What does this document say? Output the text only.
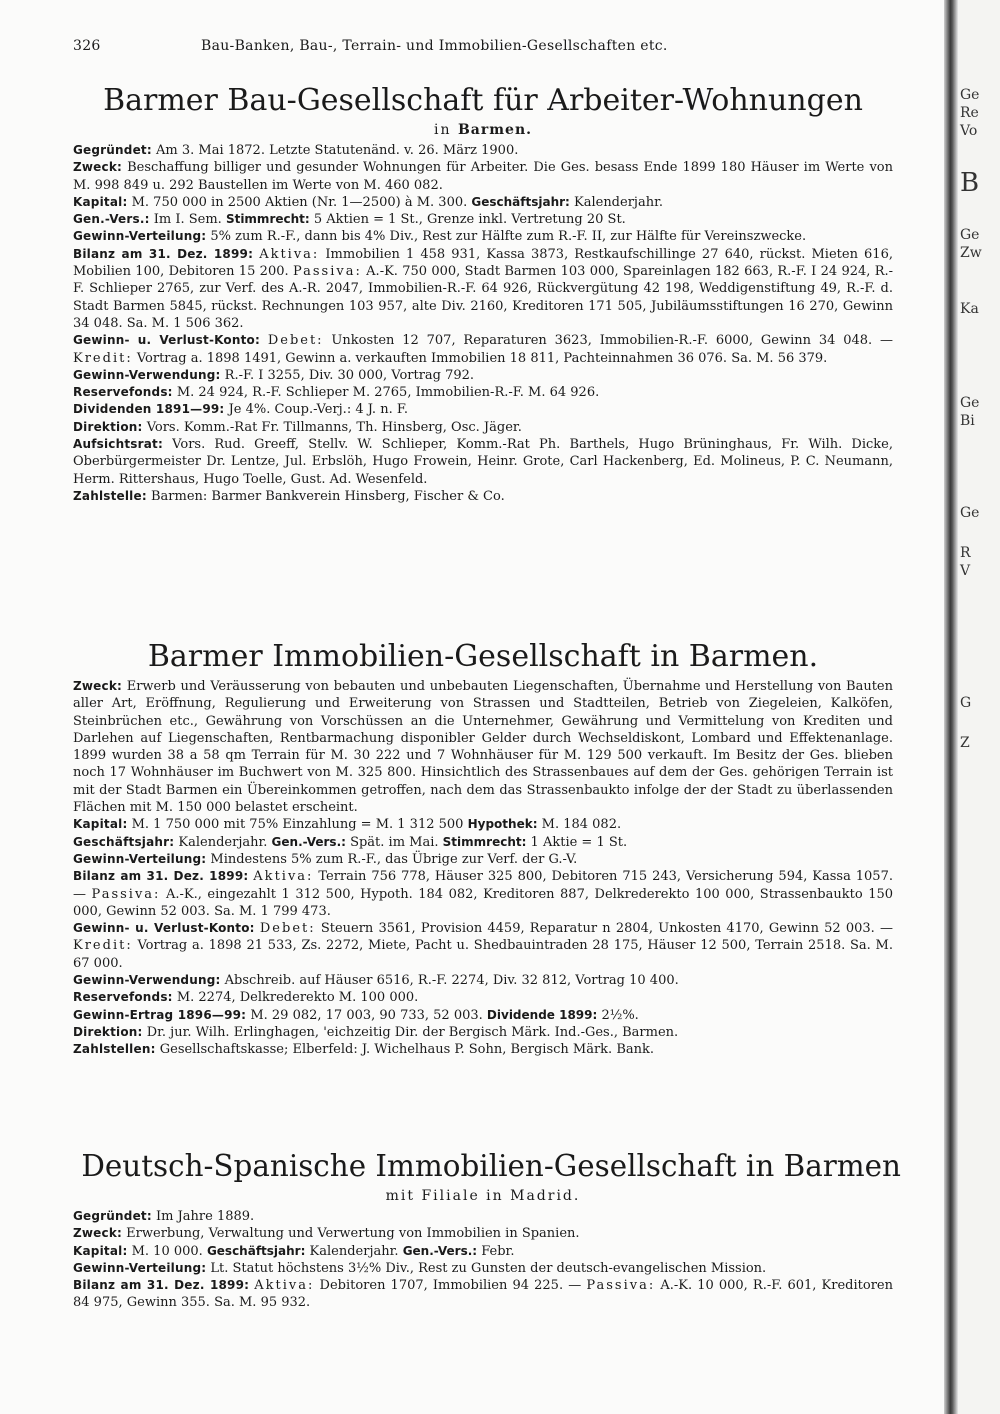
326	Bau-Banken, Bau-, Terrain- und Immobilien-Gesellschaften etc.
Barmer Bau-Gesellschaft für Arbeiter-Wohnungen
in Barmen.

Gegründet: Am 3. Mai 1872. Letzte Statutenänd. v. 26. März 1900.

Zweck: Beschaffung billiger und gesunder Wohnungen für Arbeiter. Die Ges. besass Ende 1899 180 Häuser im Werte von M. 998 849 u. 292 Baustellen im Werte von M. 460 082.

Kapital: M. 750 000 in 2500 Aktien (Nr. 1—2500) à M. 300. Geschäftsjahr: Kalenderjahr.

Gen.-Vers.: Im I. Sem. Stimmrecht: 5 Aktien = 1 St., Grenze inkl. Vertretung 20 St.

Gewinn-Verteilung: 5% zum R.-F., dann bis 4% Div., Rest zur Hälfte zum R.-F. II, zur Hälfte für Vereinszwecke.

Bilanz am 31. Dez. 1899: Aktiva: Immobilien 1 458 931, Kassa 3873, Restkaufschillinge 27 640, rückst. Mieten 616, Mobilien 100, Debitoren 15 200. Passiva: A.-K. 750 000, Stadt Barmen 103 000, Spareinlagen 182 663, R.-F. I 24 924, R.-F. Schlieper 2765, zur Verf. des A.-R. 2047, Immobilien-R.-F. 64 926, Rückvergütung 42 198, Weddigenstiftung 49, R.-F. d. Stadt Barmen 5845, rückst. Rechnungen 103 957, alte Div. 2160, Kreditoren 171 505, Jubiläumsstiftungen 16 270, Gewinn 34 048. Sa. M. 1 506 362.

Gewinn- u. Verlust-Konto: Debet: Unkosten 12 707, Reparaturen 3623, Immobilien-R.-F. 6000, Gewinn 34 048. — Kredit: Vortrag a. 1898 1491, Gewinn a. verkauften Immobilien 18 811, Pachteinnahmen 36 076. Sa. M. 56 379.

Gewinn-Verwendung: R.-F. I 3255, Div. 30 000, Vortrag 792.

Reservefonds: M. 24 924, R.-F. Schlieper M. 2765, Immobilien-R.-F. M. 64 926.

Dividenden 1891—99: Je 4%. Coup.-Verj.: 4 J. n. F.

Direktion: Vors. Komm.-Rat Fr. Tillmanns, Th. Hinsberg, Osc. Jäger.

Aufsichtsrat: Vors. Rud. Greeff, Stellv. W. Schlieper, Komm.-Rat Ph. Barthels, Hugo Brüninghaus, Fr. Wilh. Dicke, Oberbürgermeister Dr. Lentze, Jul. Erbslöh, Hugo Frowein, Heinr. Grote, Carl Hackenberg, Ed. Molineus, P. C. Neumann, Herm. Rittershaus, Hugo Toelle, Gust. Ad. Wesenfeld.

Zahlstelle: Barmen: Barmer Bankverein Hinsberg, Fischer & Co.

Barmer Immobilien-Gesellschaft in Barmen.

Zweck: Erwerb und Veräusserung von bebauten und unbebauten Liegenschaften, Übernahme und Herstellung von Bauten aller Art, Eröffnung, Regulierung und Erweiterung von Strassen und Stadtteilen, Betrieb von Ziegeleien, Kalköfen, Steinbrüchen etc., Gewährung von Vorschüssen an die Unternehmer, Gewährung und Vermittelung von Krediten und Darlehen auf Liegenschaften, Rentbarmachung disponibler Gelder durch Wechseldiskont, Lombard und Effektenanlage. 1899 wurden 38 a 58 qm Terrain für M. 30 222 und 7 Wohnhäuser für M. 129 500 verkauft. Im Besitz der Ges. blieben noch 17 Wohnhäuser im Buchwert von M. 325 800. Hinsichtlich des Strassenbaues auf dem der Ges. gehörigen Terrain ist mit der Stadt Barmen ein Übereinkommen getroffen, nach dem das Strassenbaukto infolge der der Stadt zu überlassenden Flächen mit M. 150 000 belastet erscheint.

Kapital: M. 1 750 000 mit 75% Einzahlung = M. 1 312 500 Hypothek: M. 184 082.

Geschäftsjahr: Kalenderjahr. Gen.-Vers.: Spät. im Mai. Stimmrecht: 1 Aktie = 1 St.

Gewinn-Verteilung: Mindestens 5% zum R.-F., das Übrige zur Verf. der G.-V.

Bilanz am 31. Dez. 1899: Aktiva: Terrain 756 778, Häuser 325 800, Debitoren 715 243, Versicherung 594, Kassa 1057. — Passiva: A.-K., eingezahlt 1 312 500, Hypoth. 184 082, Kreditoren 887, Delkrederekto 100 000, Strassenbaukto 150 000, Gewinn 52 003. Sa. M. 1 799 473.

Gewinn- u. Verlust-Konto: Debet: Steuern 3561, Provision 4459, Reparatur n 2804, Unkosten 4170, Gewinn 52 003. — Kredit: Vortrag a. 1898 21 533, Zs. 2272, Miete, Pacht u. Shedbauintraden 28 175, Häuser 12 500, Terrain 2518. Sa. M. 67 000.

Gewinn-Verwendung: Abschreib. auf Häuser 6516, R.-F. 2274, Div. 32 812, Vortrag 10 400.

Reservefonds: M. 2274, Delkrederekto M. 100 000.

Gewinn-Ertrag 1896—99: M. 29 082, 17 003, 90 733, 52 003. Dividende 1899: 2½%.

Direktion: Dr. jur. Wilh. Erlinghagen, 'eichzeitig Dir. der Bergisch Märk. Ind.-Ges., Barmen.

Zahlstellen: Gesellschaftskasse; Elberfeld: J. Wichelhaus P. Sohn, Bergisch Märk. Bank.

Deutsch-Spanische Immobilien-Gesellschaft in Barmen
mit Filiale in Madrid.

Gegründet: Im Jahre 1889.

Zweck: Erwerbung, Verwaltung und Verwertung von Immobilien in Spanien.

Kapital: M. 10 000. Geschäftsjahr: Kalenderjahr. Gen.-Vers.: Febr.

Gewinn-Verteilung: Lt. Statut höchstens 3½% Div., Rest zu Gunsten der deutsch-evangelischen Mission.

Bilanz am 31. Dez. 1899: Aktiva: Debitoren 1707, Immobilien 94 225. — Passiva: A.-K. 10 000, R.-F. 601, Kreditoren 84 975, Gewinn 355. Sa. M. 95 932.

Ge
Re
Vo
B
Ge
Zw
Ka
Ge
Bi
Ge
R
V
G
Z
